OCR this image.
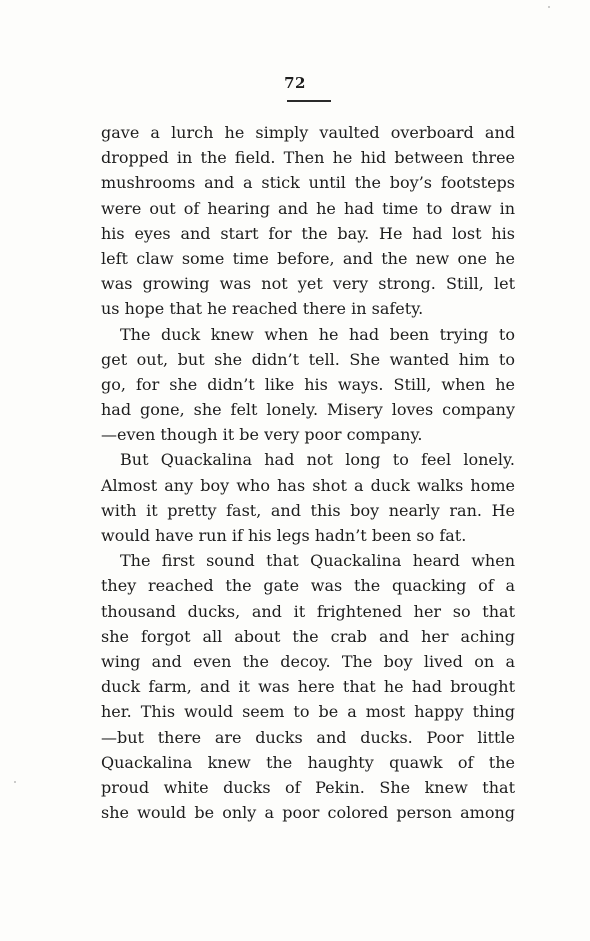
72
gave a lurch he simply vaulted overboard and
dropped in the field. Then he hid between three
mushrooms and a stick until the boy’s footsteps
were out of hearing and he had time to draw in
his eyes and start for the bay. He had lost his
left claw some time before, and the new one he
was growing was not yet very strong. Still, let
us hope that he reached there in safety.
The duck knew when he had been trying to
get out, but she didn’t tell. She wanted him to
go, for she didn’t like his ways. Still, when he
had gone, she felt lonely. Misery loves company
—even though it be very poor company.
But Quackalina had not long to feel lonely.
Almost any boy who has shot a duck walks home
with it pretty fast, and this boy nearly ran. He
would have run if his legs hadn’t been so fat.
The first sound that Quackalina heard when
they reached the gate was the quacking of a
thousand ducks, and it frightened her so that
she forgot all about the crab and her aching
wing and even the decoy. The boy lived on a
duck farm, and it was here that he had brought
her. This would seem to be a most happy thing
—but there are ducks and ducks. Poor little
Quackalina knew the haughty quawk of the
proud white ducks of Pekin. She knew that
she would be only a poor colored person among
